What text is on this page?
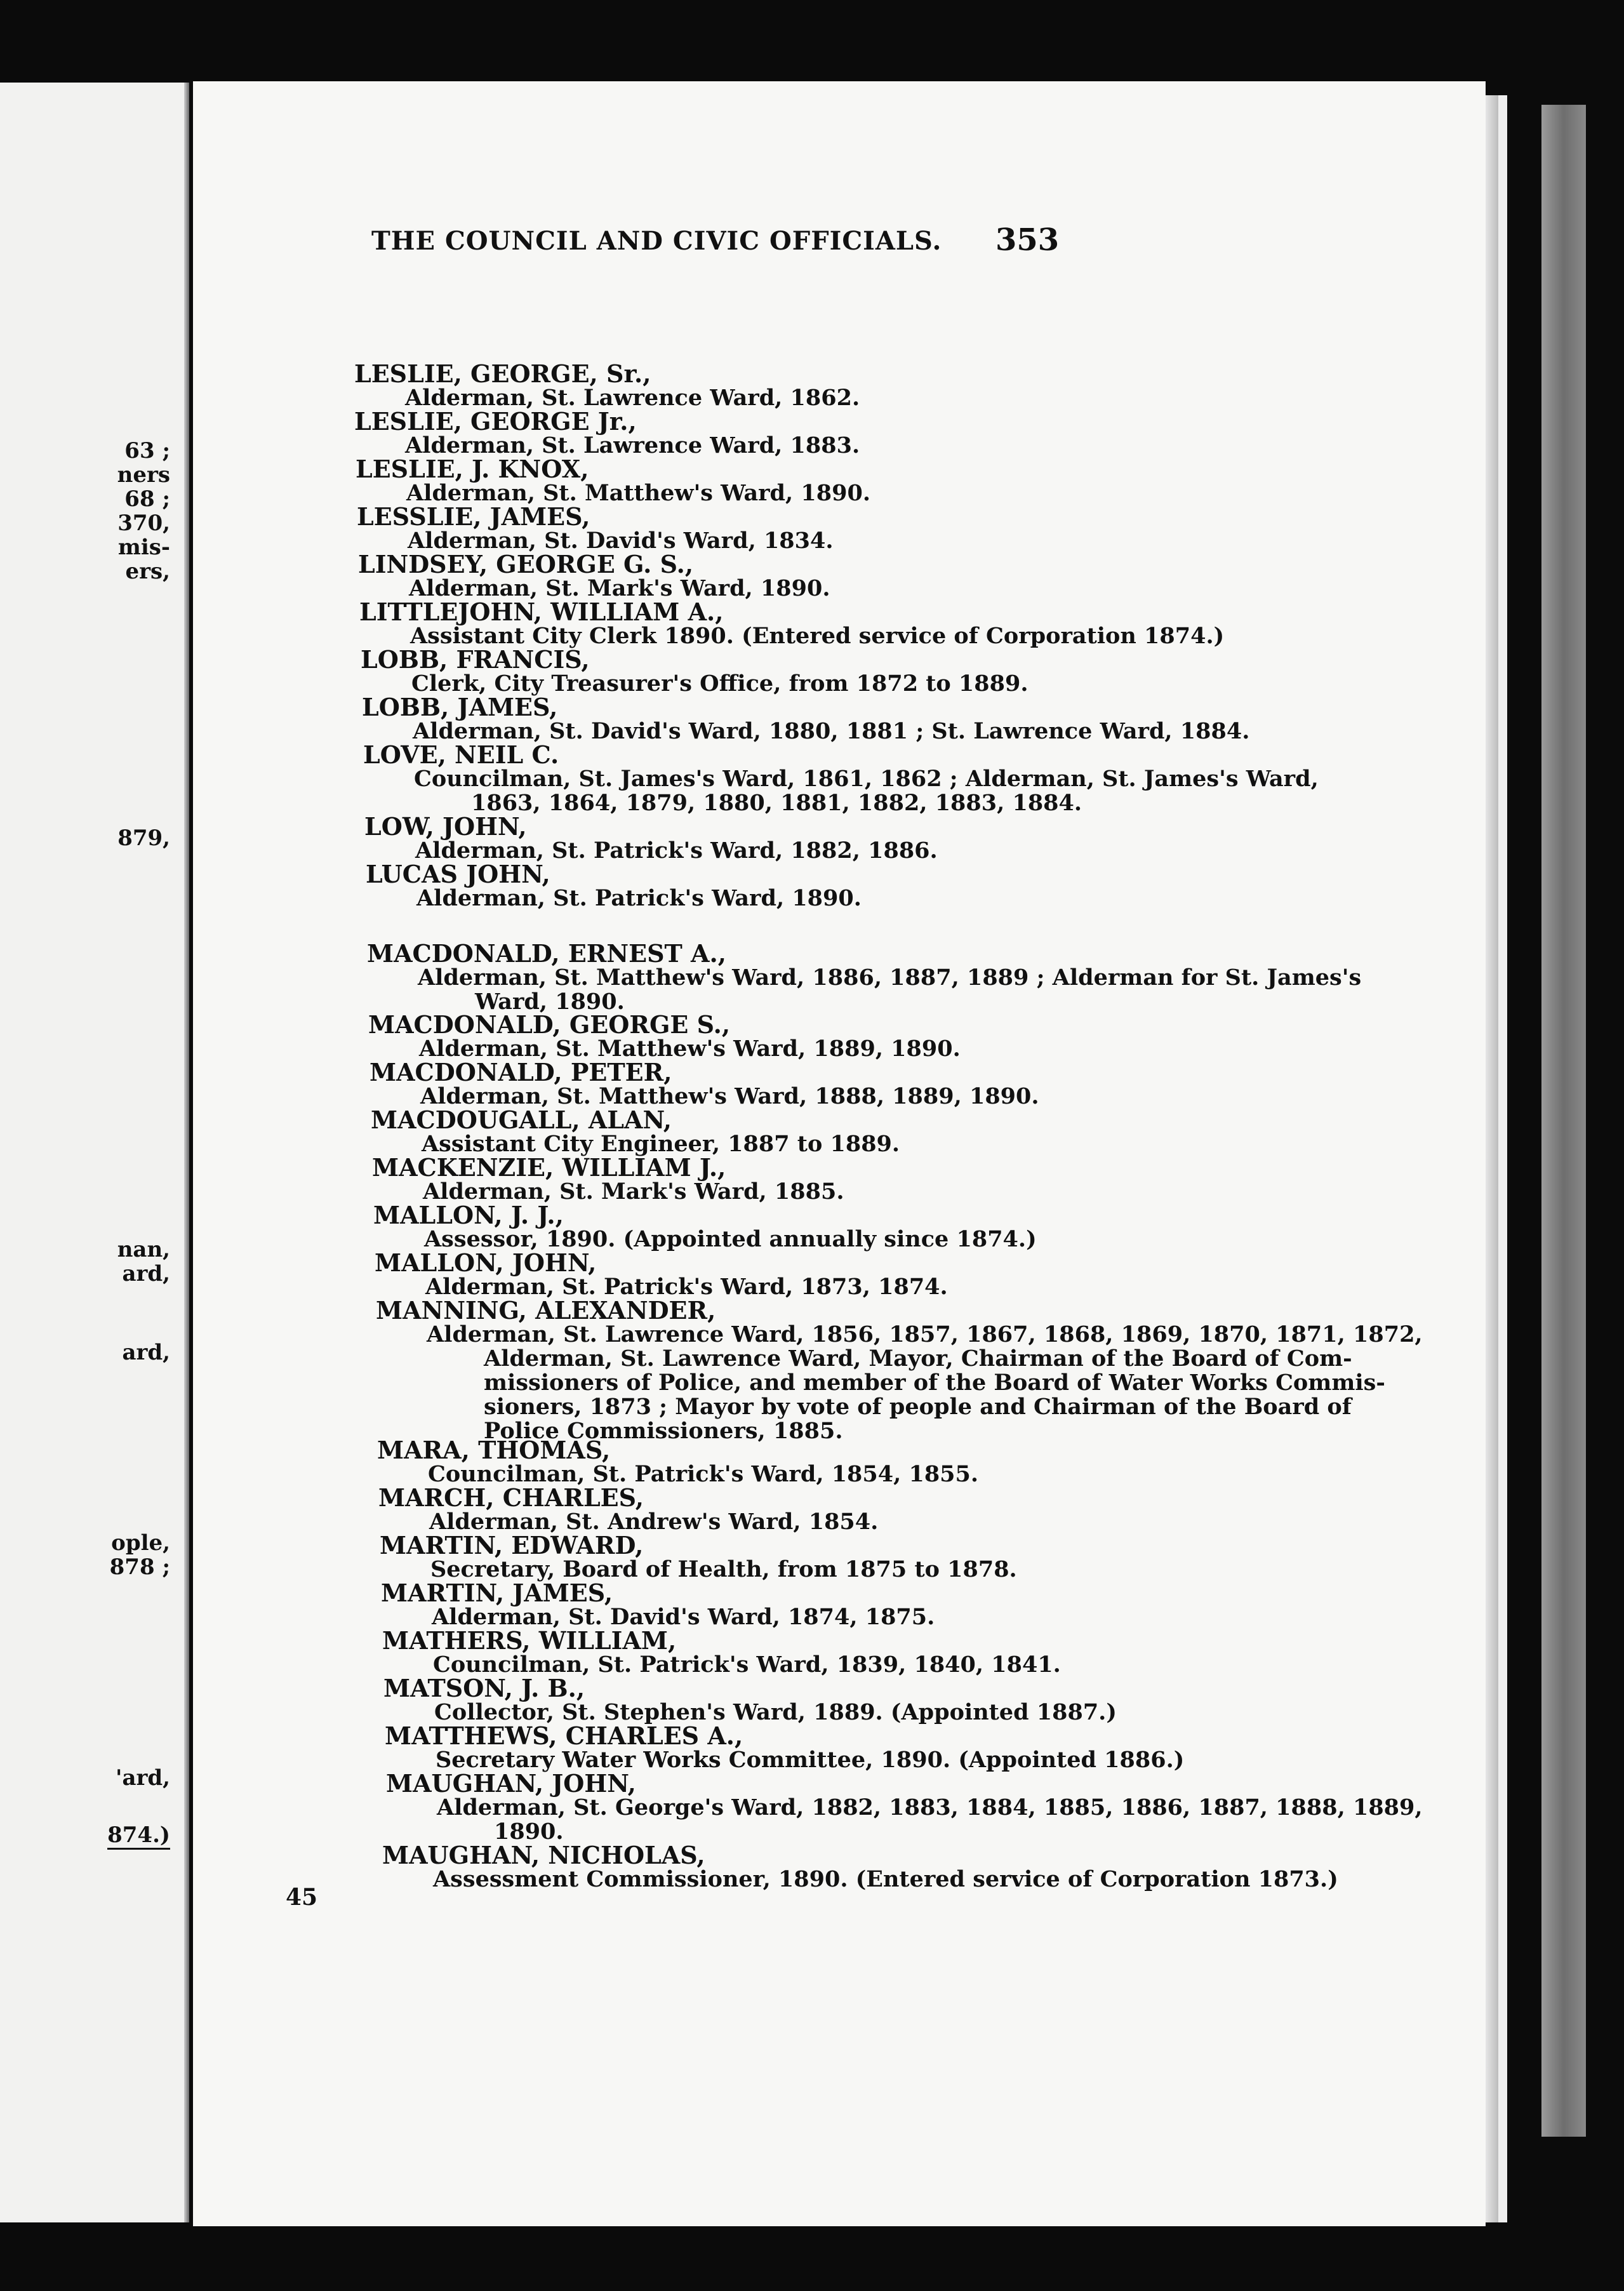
63 ;
ners
68 ;
370,
mis-
ers,
879,
nan,
ard,
ard,
ople,
878 ;
'ard,
874.)
THE COUNCIL AND CIVIC OFFICIALS. 353
LESLIE, GEORGE, Sr.,
Alderman, St. Lawrence Ward, 1862.
LESLIE, GEORGE Jr.,
Alderman, St. Lawrence Ward, 1883.
LESLIE, J. KNOX,
Alderman, St. Matthew's Ward, 1890.
LESSLIE, JAMES,
Alderman, St. David's Ward, 1834.
LINDSEY, GEORGE G. S.,
Alderman, St. Mark's Ward, 1890.
LITTLEJOHN, WILLIAM A.,
Assistant City Clerk 1890. (Entered service of Corporation 1874.)
LOBB, FRANCIS,
Clerk, City Treasurer's Office, from 1872 to 1889.
LOBB, JAMES,
Alderman, St. David's Ward, 1880, 1881 ; St. Lawrence Ward, 1884.
LOVE, NEIL C.
Councilman, St. James's Ward, 1861, 1862 ; Alderman, St. James's Ward,
1863, 1864, 1879, 1880, 1881, 1882, 1883, 1884.
LOW, JOHN,
Alderman, St. Patrick's Ward, 1882, 1886.
LUCAS JOHN,
Alderman, St. Patrick's Ward, 1890.
MACDONALD, ERNEST A.,
Alderman, St. Matthew's Ward, 1886, 1887, 1889 ; Alderman for St. James's
Ward, 1890.
MACDONALD, GEORGE S.,
Alderman, St. Matthew's Ward, 1889, 1890.
MACDONALD, PETER,
Alderman, St. Matthew's Ward, 1888, 1889, 1890.
MACDOUGALL, ALAN,
Assistant City Engineer, 1887 to 1889.
MACKENZIE, WILLIAM J.,
Alderman, St. Mark's Ward, 1885.
MALLON, J. J.,
Assessor, 1890. (Appointed annually since 1874.)
MALLON, JOHN,
Alderman, St. Patrick's Ward, 1873, 1874.
MANNING, ALEXANDER,
Alderman, St. Lawrence Ward, 1856, 1857, 1867, 1868, 1869, 1870, 1871, 1872,
Alderman, St. Lawrence Ward, Mayor, Chairman of the Board of Com-
missioners of Police, and member of the Board of Water Works Commis-
sioners, 1873 ; Mayor by vote of people and Chairman of the Board of
Police Commissioners, 1885.
MARA, THOMAS,
Councilman, St. Patrick's Ward, 1854, 1855.
MARCH, CHARLES,
Alderman, St. Andrew's Ward, 1854.
MARTIN, EDWARD,
Secretary, Board of Health, from 1875 to 1878.
MARTIN, JAMES,
Alderman, St. David's Ward, 1874, 1875.
MATHERS, WILLIAM,
Councilman, St. Patrick's Ward, 1839, 1840, 1841.
MATSON, J. B.,
Collector, St. Stephen's Ward, 1889. (Appointed 1887.)
MATTHEWS, CHARLES A.,
Secretary Water Works Committee, 1890. (Appointed 1886.)
MAUGHAN, JOHN,
Alderman, St. George's Ward, 1882, 1883, 1884, 1885, 1886, 1887, 1888, 1889,
1890.
MAUGHAN, NICHOLAS,
Assessment Commissioner, 1890. (Entered service of Corporation 1873.)
45
